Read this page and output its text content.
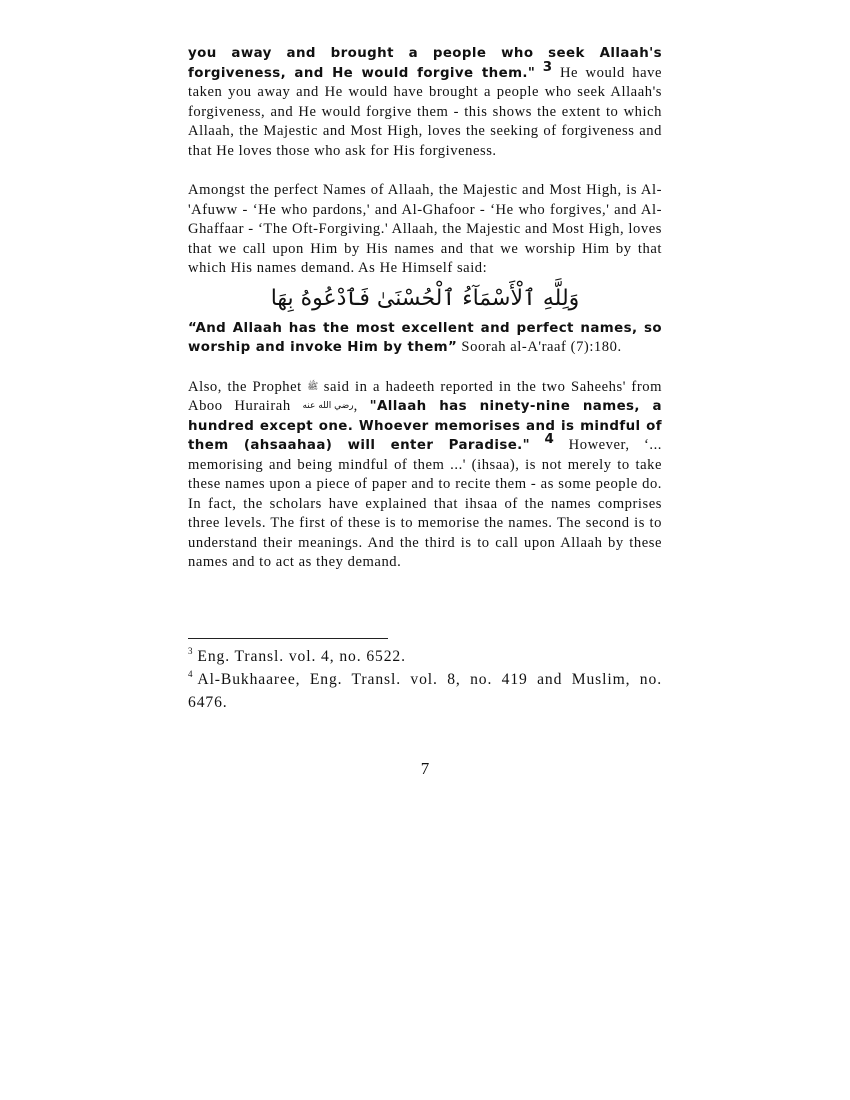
you away and brought a people who seek Allaah's forgiveness, and He would forgive them." $^3$ He would have taken you away and He would have brought a people who seek Allaah's forgiveness, and He would forgive them - this shows the extent to which Allaah, the Majestic and Most High, loves the seeking of forgiveness and that He loves those who ask for His forgiveness.

Amongst the perfect Names of Allaah, the Majestic and Most High, is Al-'Afuww - ‘He who pardons,' and Al-Ghafoor - ‘He who forgives,' and Al-Ghaffaar - ‘The Oft-Forgiving.' Allaah, the Majestic and Most High, loves that we call upon Him by His names and that we worship Him by that which His names demand. As He Himself said:

وَلِلَّهِ ٱلْأَسْمَآءُ ٱلْحُسْنَىٰ فَٱدْعُوهُ بِهَا

“And Allaah has the most excellent and perfect names, so worship and invoke Him by them” Soorah al-A'raaf (7):180.

Also, the Prophet ﷺ said in a hadeeth reported in the two Saheehs' from Aboo Hurairah رضي الله عنه, "Allaah has ninety-nine names, a hundred except one. Whoever memorises and is mindful of them (ahsaahaa) will enter Paradise." $^4$ However, ‘... memorising and being mindful of them ...' (ihsaa), is not merely to take these names upon a piece of paper and to recite them - as some people do. In fact, the scholars have explained that ihsaa of the names comprises three levels. The first of these is to memorise the names. The second is to understand their meanings. And the third is to call upon Allaah by these names and to act as they demand.

$^3$ Eng. Transl. vol. 4, no. 6522.

$^4$ Al-Bukhaaree, Eng. Transl. vol. 8, no. 419 and Muslim, no. 6476.

7
